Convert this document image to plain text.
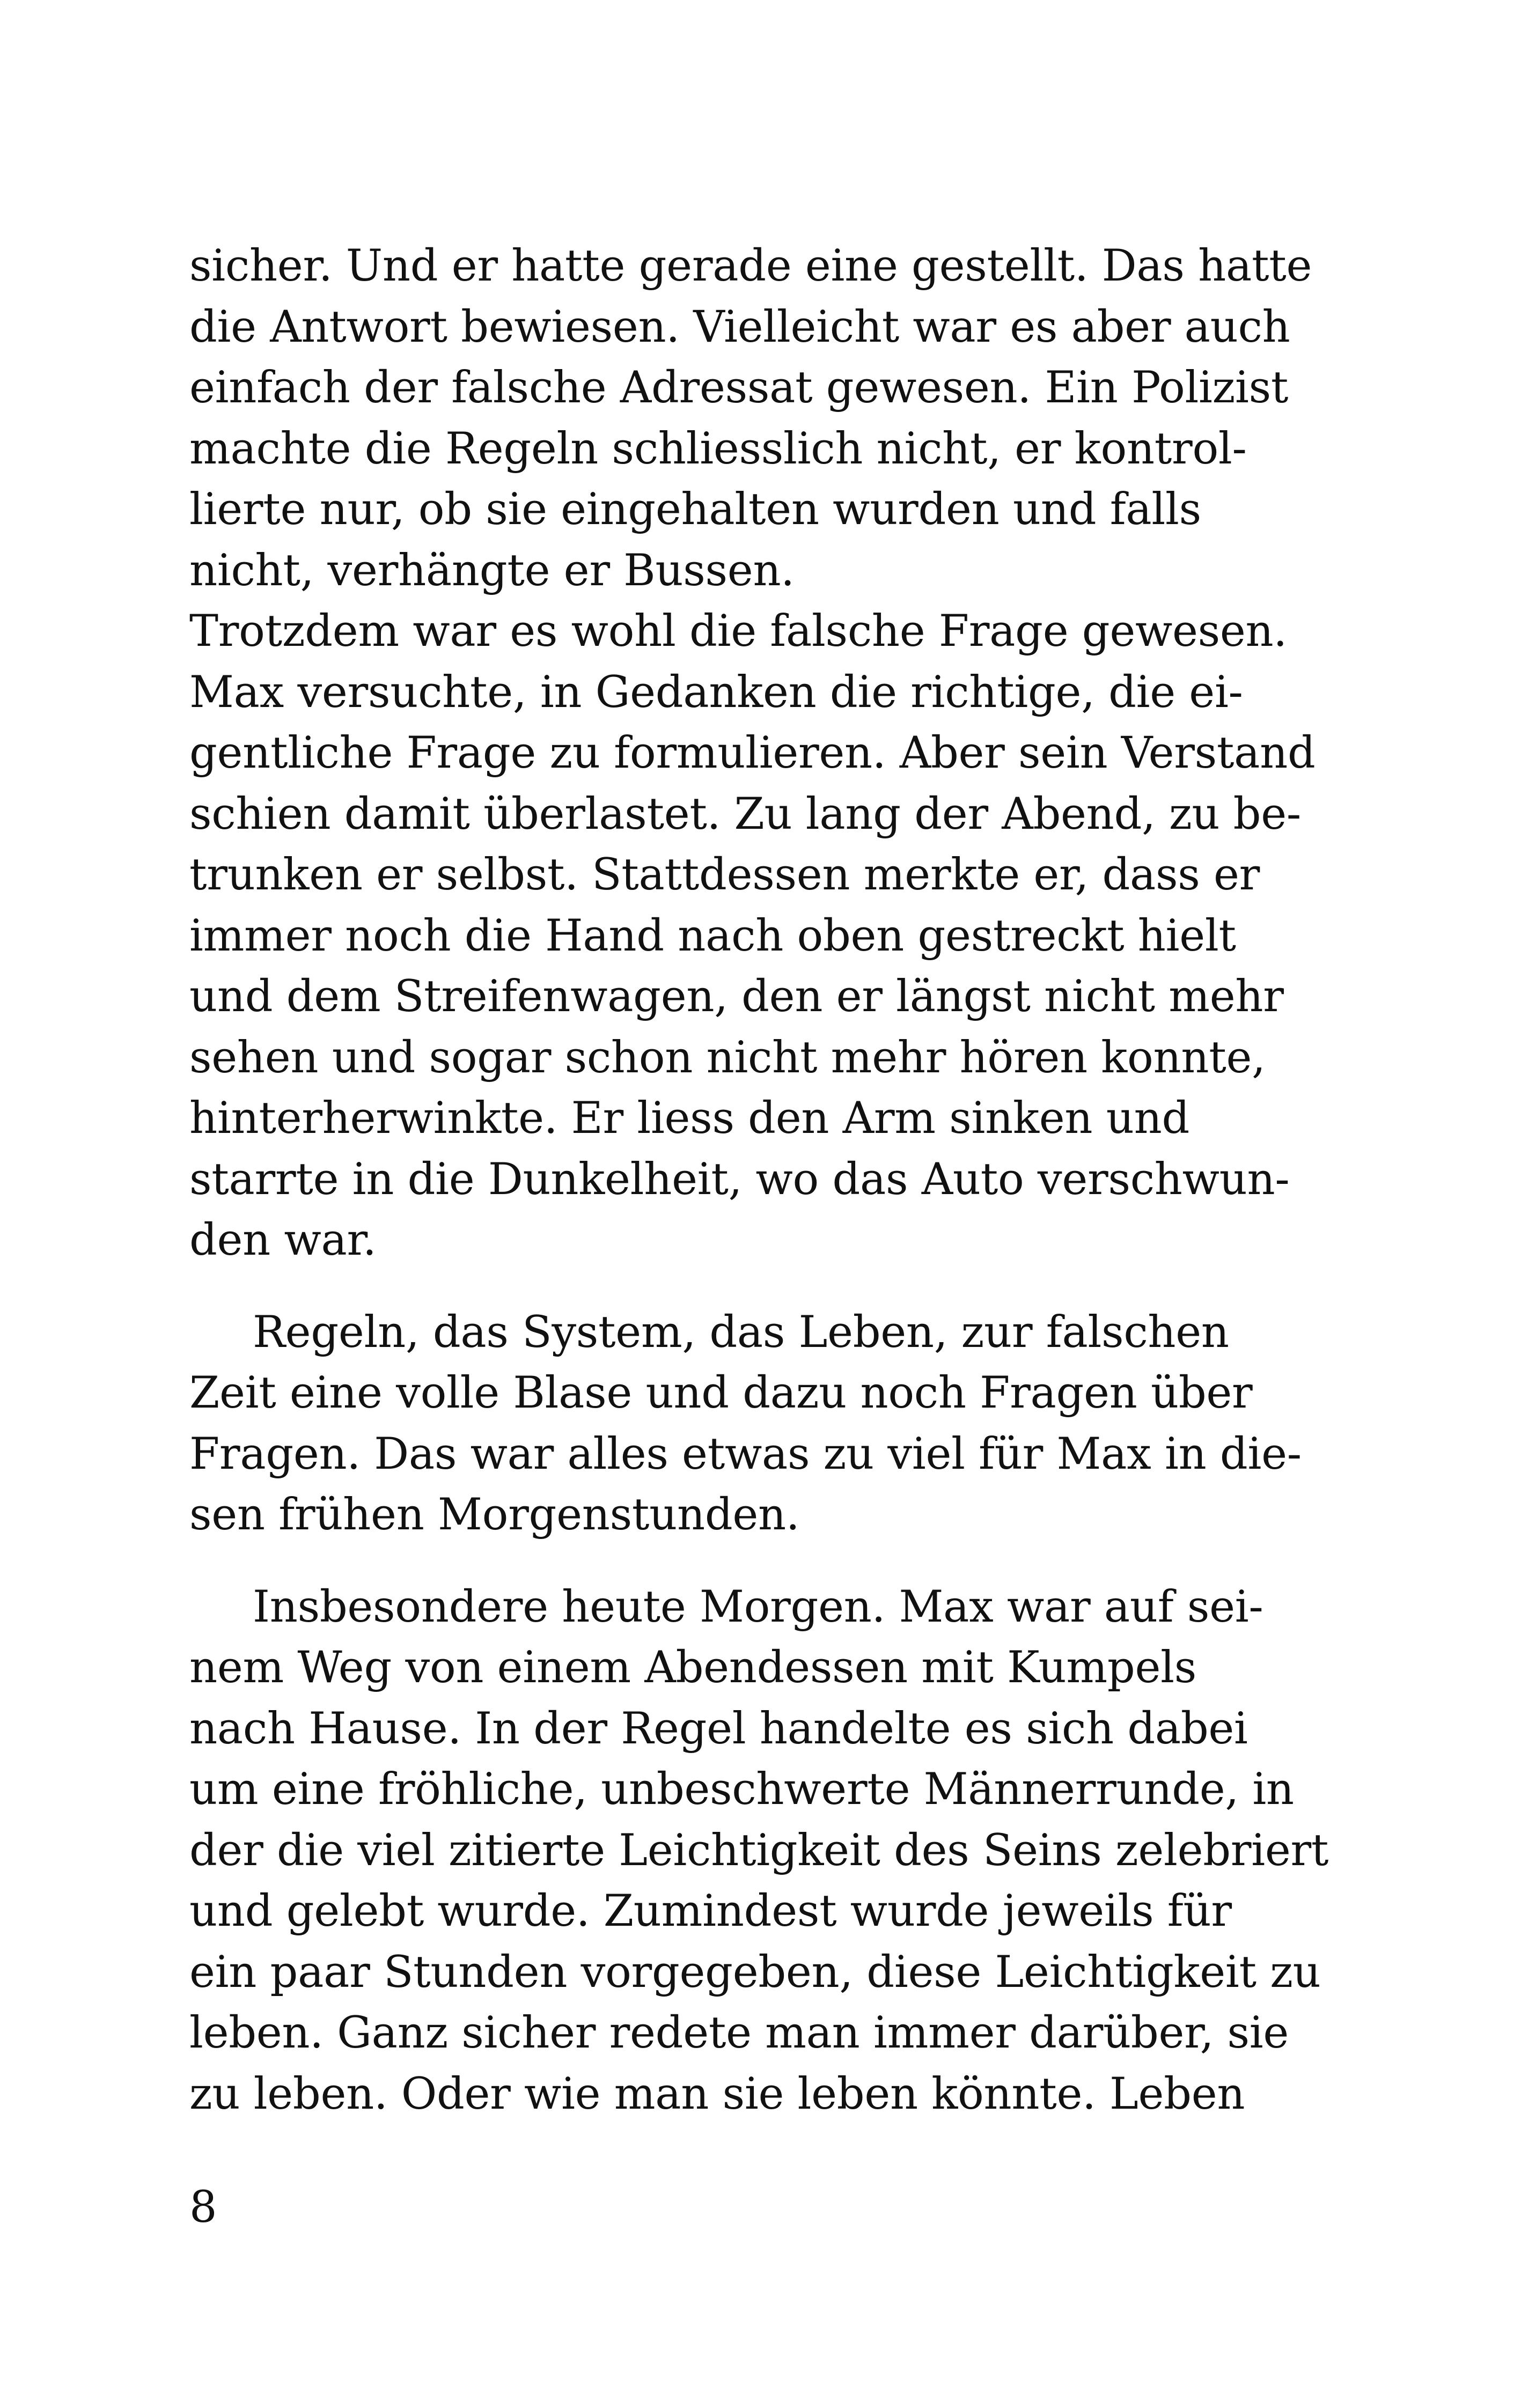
sicher. Und er hatte gerade eine gestellt. Das hatte
die Antwort bewiesen. Vielleicht war es aber auch
einfach der falsche Adressat gewesen. Ein Polizist
machte die Regeln schliesslich nicht, er kontrol-
lierte nur, ob sie eingehalten wurden und falls
nicht, verhängte er Bussen.
Trotzdem war es wohl die falsche Frage gewesen.
Max versuchte, in Gedanken die richtige, die ei-
gentliche Frage zu formulieren. Aber sein Verstand
schien damit überlastet. Zu lang der Abend, zu be-
trunken er selbst. Stattdessen merkte er, dass er
immer noch die Hand nach oben gestreckt hielt
und dem Streifenwagen, den er längst nicht mehr
sehen und sogar schon nicht mehr hören konnte,
hinterherwinkte. Er liess den Arm sinken und
starrte in die Dunkelheit, wo das Auto verschwun-
den war.
Regeln, das System, das Leben, zur falschen
Zeit eine volle Blase und dazu noch Fragen über
Fragen. Das war alles etwas zu viel für Max in die-
sen frühen Morgenstunden.
Insbesondere heute Morgen. Max war auf sei-
nem Weg von einem Abendessen mit Kumpels
nach Hause. In der Regel handelte es sich dabei
um eine fröhliche, unbeschwerte Männerrunde, in
der die viel zitierte Leichtigkeit des Seins zelebriert
und gelebt wurde. Zumindest wurde jeweils für
ein paar Stunden vorgegeben, diese Leichtigkeit zu
leben. Ganz sicher redete man immer darüber, sie
zu leben. Oder wie man sie leben könnte. Leben
8
